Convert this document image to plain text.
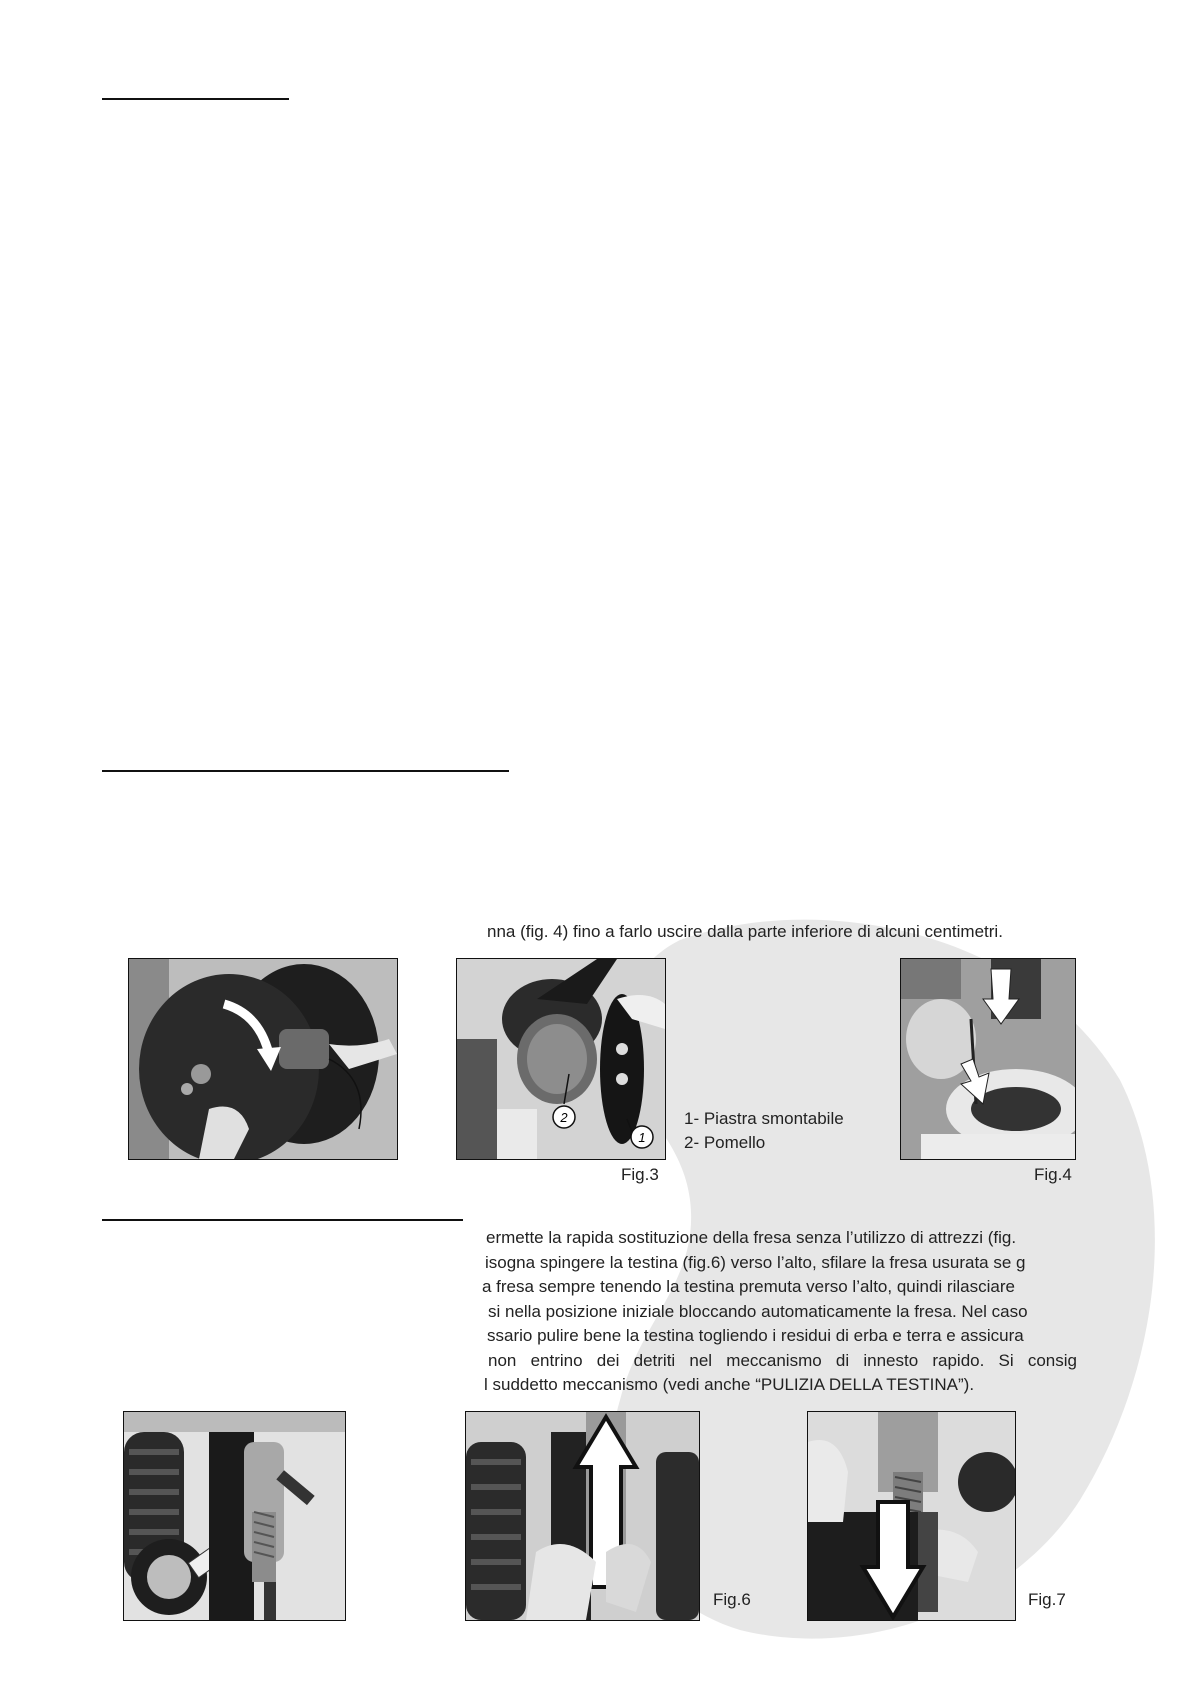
nna (fig. 4) fino a farlo uscire dalla parte inferiore di alcuni centimetri.
2
1
1- Piastra smontabile
2- Pomello
Fig.3	Fig.4
ermette la rapida sostituzione della fresa senza l’utilizzo di attrezzi (fig.
isogna spingere la testina (fig.6) verso l’alto, sfilare la fresa usurata se g
a fresa sempre tenendo la testina premuta verso l’alto, quindi rilasciare
si nella posizione iniziale bloccando automaticamente la fresa. Nel caso
ssario pulire bene la testina togliendo i residui di erba e terra e assicura
non entrino dei detriti nel meccanismo di innesto rapido. Si consig
l suddetto meccanismo (vedi anche “PULIZIA DELLA TESTINA”).
Fig.6	Fig.7
